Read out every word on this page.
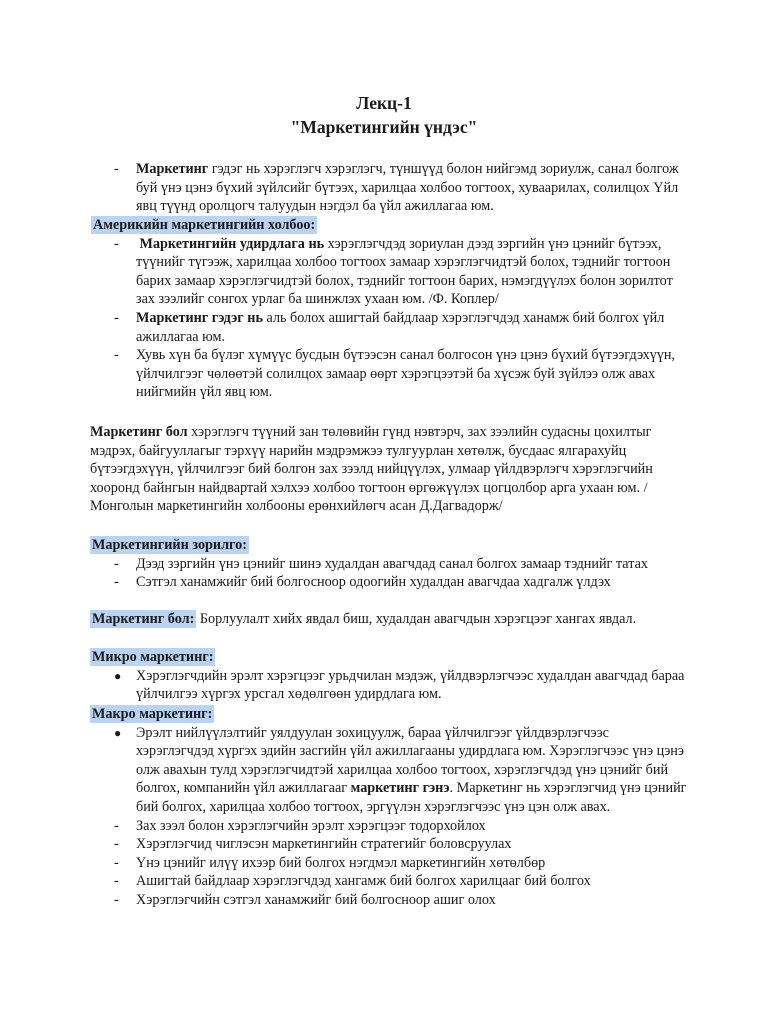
Лекц-1
"Маркетингийн үндэс"
- Маркетинг гэдэг нь хэрэглэгч хэрэглэгч, түншүүд болон нийгэмд зориулж, санал болгож буй үнэ цэнэ бүхий зүйлсийг бүтээх, харилцаа холбоо тогтоох, хуваарилах, солилцох Үйл явц түүнд оролцогч талуудын нэгдэл ба үйл ажиллагаа юм.

Америкийн маркетингийн холбоо:

- Маркетингийн удирдлага нь хэрэглэгчдэд зориулан дээд зэргийн үнэ цэнийг бүтээх, түүнийг түгээж, харилцаа холбоо тогтоох замаар хэрэглэгчидтэй болох, тэднийг тогтоон барих замаар хэрэглэгчидтэй болох, тэднийг тогтоон барих, нэмэгдүүлэх болон зорилтот зах зээлийг сонгох урлаг ба шинжлэх ухаан юм. /Ф. Коплер/

- Маркетинг гэдэг нь аль болох ашигтай байдлаар хэрэглэгчдэд ханамж бий болгох үйл ажиллагаа юм.

- Хувь хүн ба бүлэг хүмүүс бусдын бүтээсэн санал болгосон үнэ цэнэ бүхий бүтээгдэхүүн, үйлчилгээг чөлөөтэй солилцох замаар өөрт хэрэгцээтэй ба хүсэж буй зүйлээ олж авах нийгмийн үйл явц юм.

Маркетинг бол хэрэглэгч түүний зан төлөвийн гүнд нэвтэрч, зах зээлийн судасны цохилтыг мэдрэх, байгууллагыг тэрхүү нарийн мэдрэмжээ тулгуурлан хөтөлж, бусдаас ялгарахуйц бүтээгдэхүүн, үйлчилгээг бий болгон зах зээлд нийцүүлэх, улмаар үйлдвэрлэгч хэрэглэгчийн хооронд байнгын найдвартай хэлхээ холбоо тогтоон өргөжүүлэх цогцолбор арга ухаан юм. /Монголын маркетингийн холбооны ерөнхийлөгч асан Д.Дагвадорж/

Маркетингийн зорилго:

- Дээд зэргийн үнэ цэнийг шинэ худалдан авагчдад санал болгох замаар тэднийг татах

- Сэтгэл ханамжийг бий болгосноор одоогийн худалдан авагчдаа хадгалж үлдэх

Маркетинг бол: Борлуулалт хийх явдал биш, худалдан авагчдын хэрэгцээг хангах явдал.

Микро маркетинг:

● Хэрэглэгчдийн эрэлт хэрэгцээг урьдчилан мэдэж, үйлдвэрлэгчээс худалдан авагчдад бараа үйлчилгээ хүргэх урсгал хөдөлгөөн удирдлага юм.

Макро маркетинг:

● Эрэлт нийлүүлэлтийг уялдуулан зохицуулж, бараа үйлчилгээг үйлдвэрлэгчээс хэрэглэгчдэд хүргэх эдийн засгийн үйл ажиллагааны удирдлага юм. Хэрэглэгчээс үнэ цэнэ олж авахын тулд хэрэглэгчидтэй харилцаа холбоо тогтоох, хэрэглэгчдэд үнэ цэнийг бий болгох, компанийн үйл ажиллагааг маркетинг гэнэ. Маркетинг нь хэрэглэгчид үнэ цэнийг бий болгох, харилцаа холбоо тогтоох, эргүүлэн хэрэглэгчээс үнэ цэн олж авах.

- Зах зээл болон хэрэглэгчийн эрэлт хэрэгцээг тодорхойлох

- Хэрэглэгчид чиглэсэн маркетингийн стратегийг боловсруулах

- Үнэ цэнийг илүү ихээр бий болгох нэгдмэл маркетингийн хөтөлбөр

- Ашигтай байдлаар хэрэглэгчдэд хангамж бий болгох харилцааг бий болгох

- Хэрэглэгчийн сэтгэл ханамжийг бий болгосноор ашиг олох
